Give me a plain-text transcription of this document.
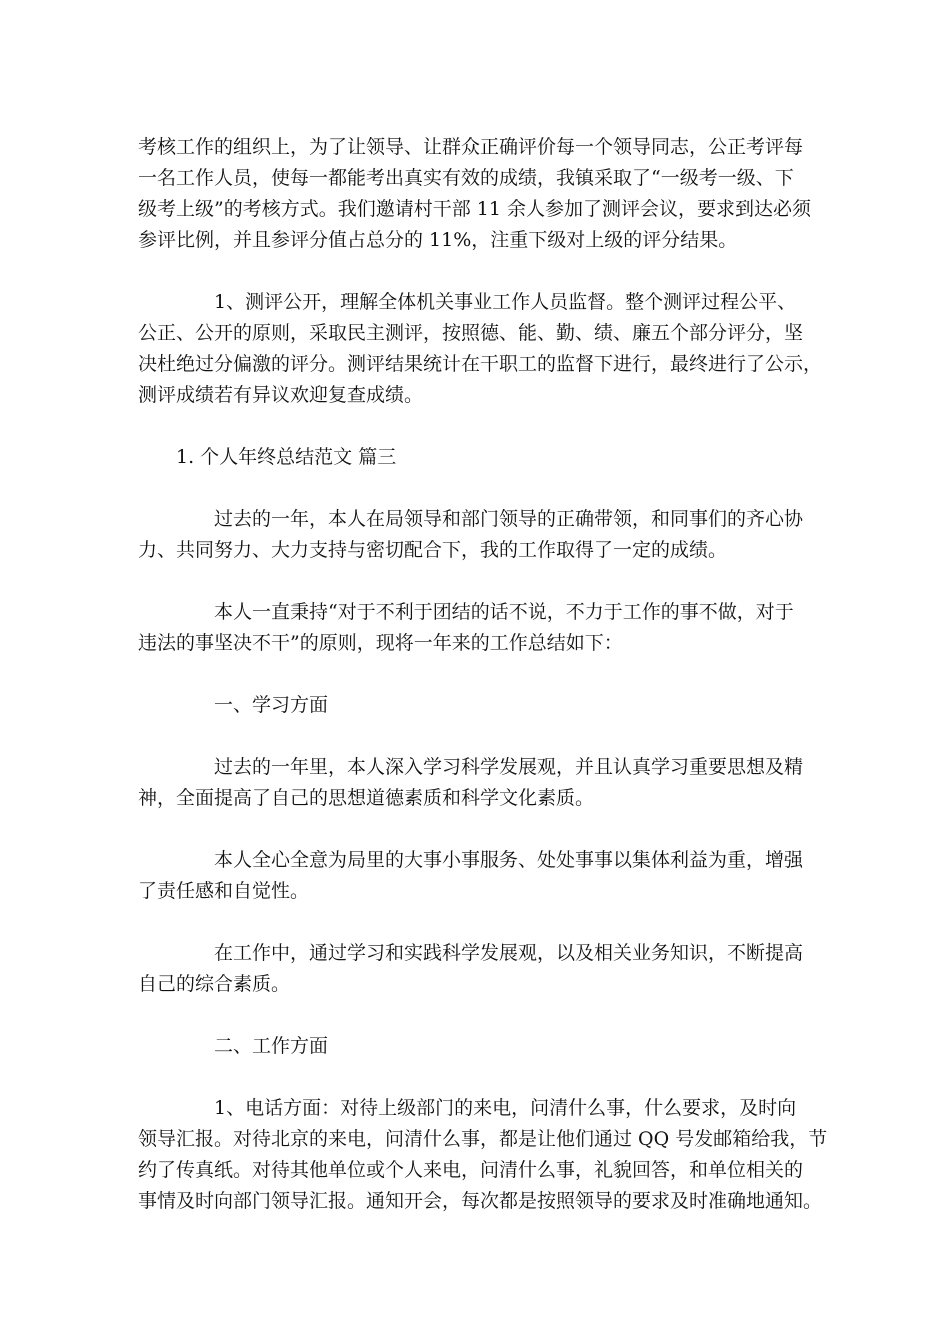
考核工作的组织上，为了让领导、让群众正确评价每一个领导同志，公正考评每
一名工作人员，使每一都能考出真实有效的成绩，我镇采取了“一级考一级、下
级考上级”的考核方式。我们邀请村干部 11 余人参加了测评会议，要求到达必须
参评比例，并且参评分值占总分的 11%，注重下级对上级的评分结果。
1、测评公开，理解全体机关事业工作人员监督。整个测评过程公平、
公正、公开的原则，采取民主测评，按照德、能、勤、绩、廉五个部分评分，坚
决杜绝过分偏激的评分。测评结果统计在干职工的监督下进行，最终进行了公示，
测评成绩若有异议欢迎复查成绩。
1. 个人年终总结范文 篇三
过去的一年，本人在局领导和部门领导的正确带领，和同事们的齐心协
力、共同努力、大力支持与密切配合下，我的工作取得了一定的成绩。
本人一直秉持“对于不利于团结的话不说，不力于工作的事不做，对于
违法的事坚决不干”的原则，现将一年来的工作总结如下：
一、学习方面
过去的一年里，本人深入学习科学发展观，并且认真学习重要思想及精
神，全面提高了自己的思想道德素质和科学文化素质。
本人全心全意为局里的大事小事服务、处处事事以集体利益为重，增强
了责任感和自觉性。
在工作中，通过学习和实践科学发展观，以及相关业务知识，不断提高
自己的综合素质。
二、工作方面
1、电话方面：对待上级部门的来电，问清什么事，什么要求，及时向
领导汇报。对待北京的来电，问清什么事，都是让他们通过 QQ 号发邮箱给我，节
约了传真纸。对待其他单位或个人来电，问清什么事，礼貌回答，和单位相关的
事情及时向部门领导汇报。通知开会，每次都是按照领导的要求及时准确地通知。
